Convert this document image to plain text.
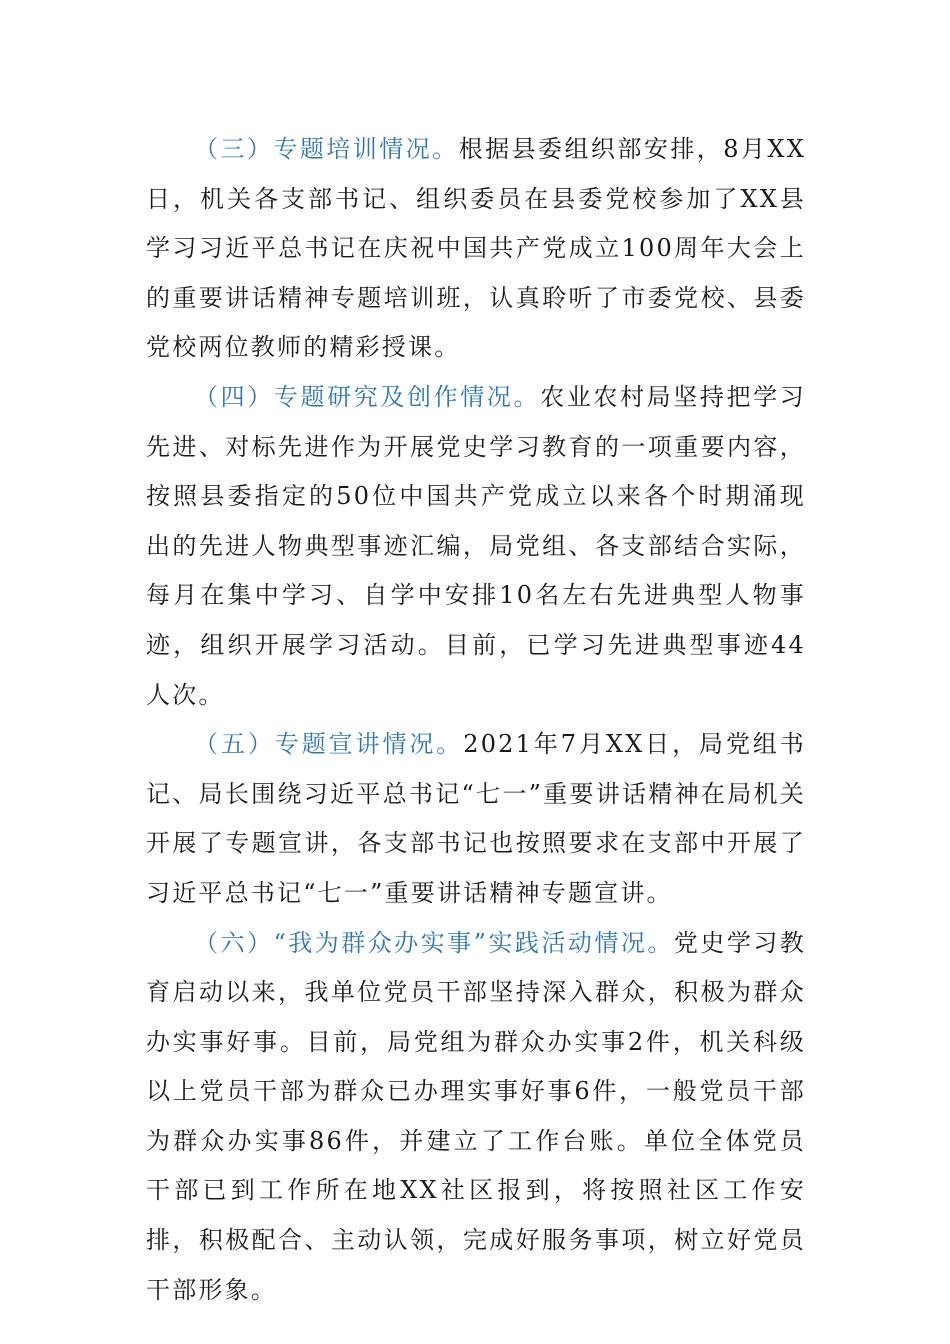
（三）专题培训情况。根据县委组织部安排，8月XX日，机关各支部书记、组织委员在县委党校参加了XX县学习习近平总书记在庆祝中国共产党成立100周年大会上的重要讲话精神专题培训班，认真聆听了市委党校、县委党校两位教师的精彩授课。

（四）专题研究及创作情况。农业农村局坚持把学习先进、对标先进作为开展党史学习教育的一项重要内容，按照县委指定的50位中国共产党成立以来各个时期涌现出的先进人物典型事迹汇编，局党组、各支部结合实际，每月在集中学习、自学中安排10名左右先进典型人物事迹，组织开展学习活动。目前，已学习先进典型事迹44人次。

（五）专题宣讲情况。2021年7月XX日，局党组书记、局长围绕习近平总书记“七一”重要讲话精神在局机关开展了专题宣讲，各支部书记也按照要求在支部中开展了习近平总书记“七一”重要讲话精神专题宣讲。

（六）“我为群众办实事”实践活动情况。党史学习教育启动以来，我单位党员干部坚持深入群众，积极为群众办实事好事。目前，局党组为群众办实事2件，机关科级以上党员干部为群众已办理实事好事6件，一般党员干部为群众办实事86件，并建立了工作台账。单位全体党员干部已到工作所在地XX社区报到，将按照社区工作安排，积极配合、主动认领，完成好服务事项，树立好党员干部形象。
